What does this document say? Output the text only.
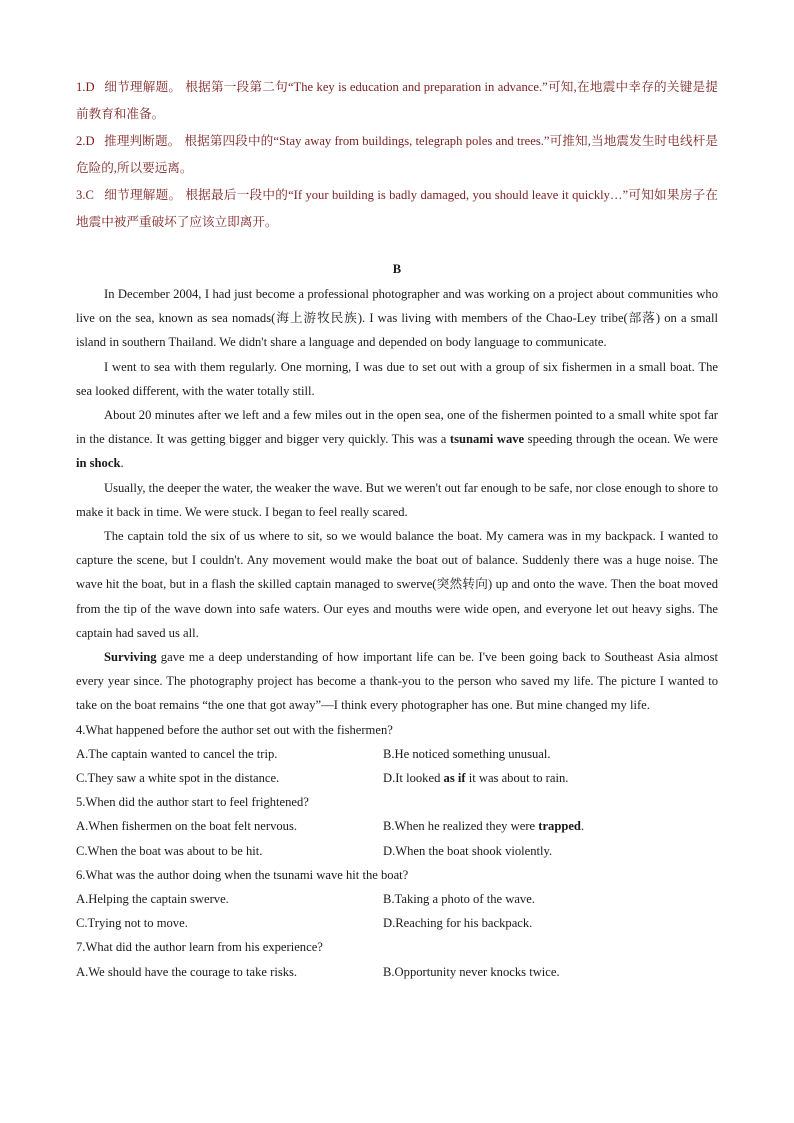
1.D 细节理解题。 根据第一段第二句“The key is education and preparation in advance.”可知,在地震中幸存的关键是提前教育和准备。
2.D 推理判断题。 根据第四段中的“Stay away from buildings, telegraph poles and trees.”可推知,当地震发生时电线杆是危险的,所以要远离。
3.C 细节理解题。 根据最后一段中的“If your building is badly damaged, you should leave it quickly…”可知如果房子在地震中被严重破坏了应该立即离开。
B

In December 2004, I had just become a professional photographer and was working on a project about communities who live on the sea, known as sea nomads(海上游牧民族). I was living with members of the Chao-Ley tribe(部落) on a small island in southern Thailand. We didn't share a language and depended on body language to communicate.

I went to sea with them regularly. One morning, I was due to set out with a group of six fishermen in a small boat. The sea looked different, with the water totally still.

About 20 minutes after we left and a few miles out in the open sea, one of the fishermen pointed to a small white spot far in the distance. It was getting bigger and bigger very quickly. This was a tsunami wave speeding through the ocean. We were in shock.

Usually, the deeper the water, the weaker the wave. But we weren't out far enough to be safe, nor close enough to shore to make it back in time. We were stuck. I began to feel really scared.

The captain told the six of us where to sit, so we would balance the boat. My camera was in my backpack. I wanted to capture the scene, but I couldn't. Any movement would make the boat out of balance. Suddenly there was a huge noise. The wave hit the boat, but in a flash the skilled captain managed to swerve(突然转向) up and onto the wave. Then the boat moved from the tip of the wave down into safe waters. Our eyes and mouths were wide open, and everyone let out heavy sighs. The captain had saved us all.

Surviving gave me a deep understanding of how important life can be. I've been going back to Southeast Asia almost every year since. The photography project has become a thank-you to the person who saved my life. The picture I wanted to take on the boat remains “the one that got away”—I think every photographer has one. But mine changed my life.

4.What happened before the author set out with the fishermen?

A.The captain wanted to cancel the trip.	B.He noticed something unusual.
C.They saw a white spot in the distance.	D.It looked as if it was about to rain.

5.When did the author start to feel frightened?

A.When fishermen on the boat felt nervous.	B.When he realized they were trapped.
C.When the boat was about to be hit.	D.When the boat shook violently.

6.What was the author doing when the tsunami wave hit the boat?

A.Helping the captain swerve.	B.Taking a photo of the wave.
C.Trying not to move.	D.Reaching for his backpack.

7.What did the author learn from his experience?

A.We should have the courage to take risks.	B.Opportunity never knocks twice.
